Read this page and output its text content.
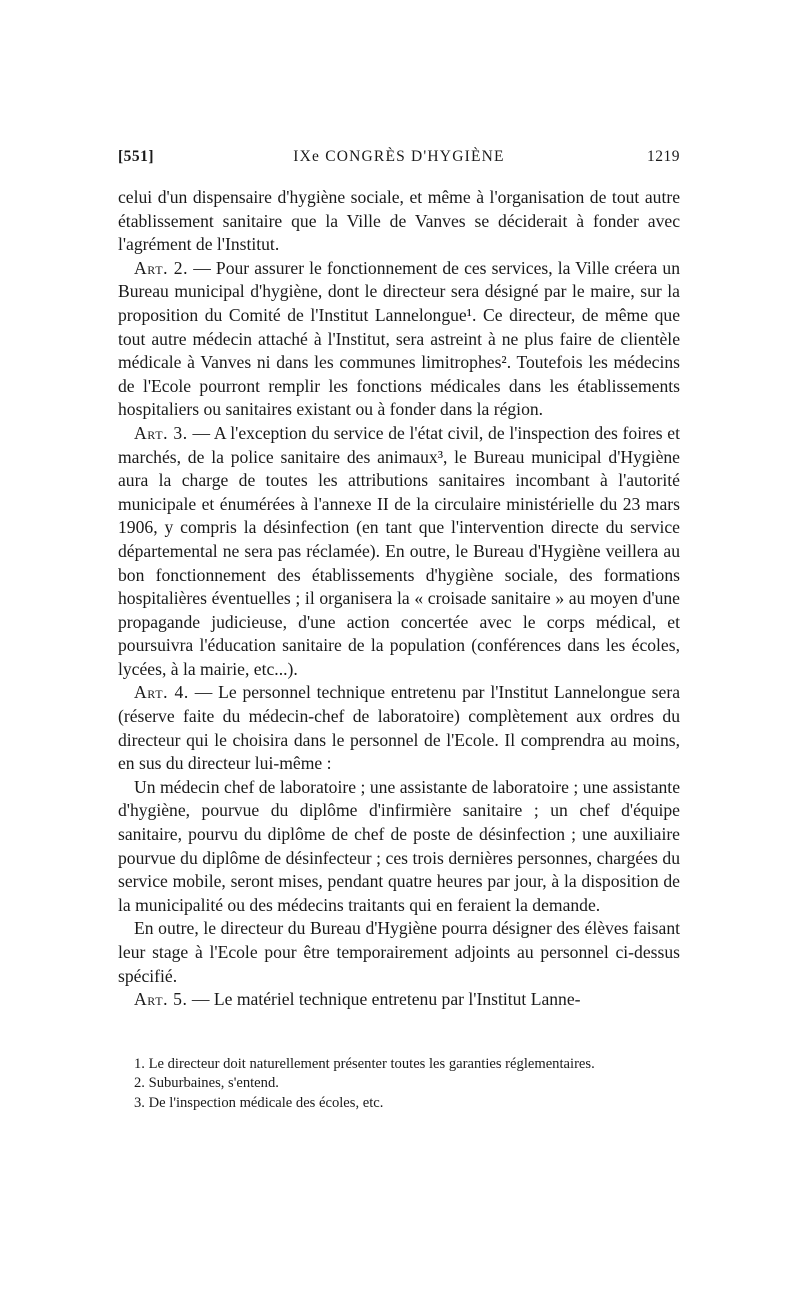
[551]	IXe CONGRÈS D'HYGIÈNE	1219

celui d'un dispensaire d'hygiène sociale, et même à l'organisation de tout autre établissement sanitaire que la Ville de Vanves se déciderait à fonder avec l'agrément de l'Institut.

Art. 2. — Pour assurer le fonctionnement de ces services, la Ville créera un Bureau municipal d'hygiène, dont le directeur sera désigné par le maire, sur la proposition du Comité de l'Institut Lannelongue¹. Ce directeur, de même que tout autre médecin attaché à l'Institut, sera astreint à ne plus faire de clientèle médicale à Vanves ni dans les communes limitrophes². Toutefois les médecins de l'Ecole pourront remplir les fonctions médicales dans les établissements hospitaliers ou sanitaires existant ou à fonder dans la région.

Art. 3. — A l'exception du service de l'état civil, de l'inspection des foires et marchés, de la police sanitaire des animaux³, le Bureau municipal d'Hygiène aura la charge de toutes les attributions sanitaires incombant à l'autorité municipale et énumérées à l'annexe II de la circulaire ministérielle du 23 mars 1906, y compris la désinfection (en tant que l'intervention directe du service départemental ne sera pas réclamée). En outre, le Bureau d'Hygiène veillera au bon fonctionnement des établissements d'hygiène sociale, des formations hospitalières éventuelles ; il organisera la « croisade sanitaire » au moyen d'une propagande judicieuse, d'une action concertée avec le corps médical, et poursuivra l'éducation sanitaire de la population (conférences dans les écoles, lycées, à la mairie, etc...).

Art. 4. — Le personnel technique entretenu par l'Institut Lannelongue sera (réserve faite du médecin-chef de laboratoire) complètement aux ordres du directeur qui le choisira dans le personnel de l'Ecole. Il comprendra au moins, en sus du directeur lui-même :

Un médecin chef de laboratoire ; une assistante de laboratoire ; une assistante d'hygiène, pourvue du diplôme d'infirmière sanitaire ; un chef d'équipe sanitaire, pourvu du diplôme de chef de poste de désinfection ; une auxiliaire pourvue du diplôme de désinfecteur ; ces trois dernières personnes, chargées du service mobile, seront mises, pendant quatre heures par jour, à la disposition de la municipalité ou des médecins traitants qui en feraient la demande.

En outre, le directeur du Bureau d'Hygiène pourra désigner des élèves faisant leur stage à l'Ecole pour être temporairement adjoints au personnel ci-dessus spécifié.

Art. 5. — Le matériel technique entretenu par l'Institut Lanne-

1. Le directeur doit naturellement présenter toutes les garanties réglementaires.

2. Suburbaines, s'entend.

3. De l'inspection médicale des écoles, etc.
